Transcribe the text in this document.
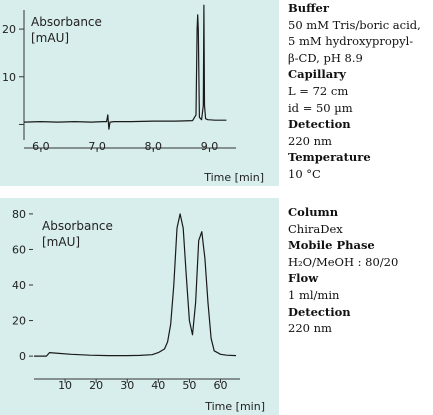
10
20
6.0	7.0	8.0	9.0
Time [min]
Absorbance
[mAU]
Buffer
50 mM Tris/boric acid,
5 mM hydroxypropyl-
β-CD, pH 8.9
Capillary
L = 72 cm
id = 50 µm
Detection
220 nm
Temperature
10 °C
0
20
40
60
80
10 20 30 40 50 60
Time [min]
Absorbance
[mAU]
Column
ChiraDex
Mobile Phase
H₂O/MeOH : 80/20
Flow
1 ml/min
Detection
220 nm
